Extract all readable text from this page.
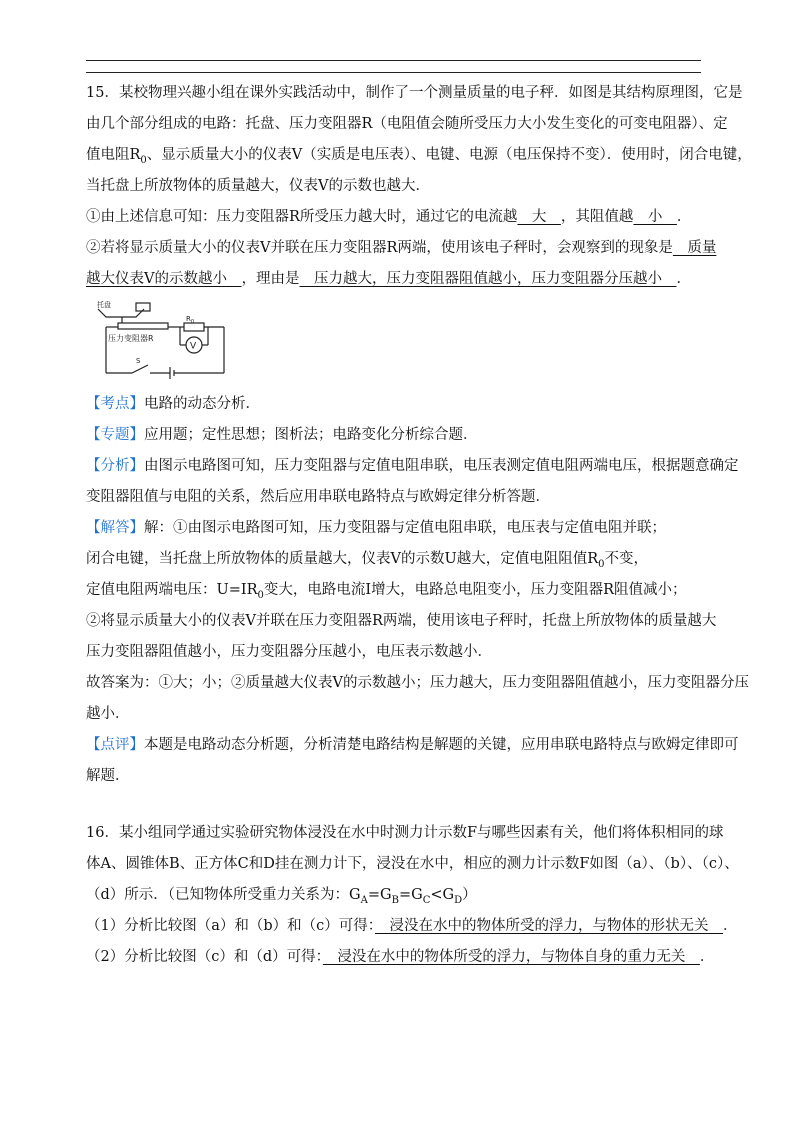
15．某校物理兴趣小组在课外实践活动中，制作了一个测量质量的电子秤．如图是其结构原理图，它是
由几个部分组成的电路：托盘、压力变阻器R（电阻值会随所受压力大小发生变化的可变电阻器）、定
值电阻$R_0$、显示质量大小的仪表V（实质是电压表）、电键、电源（电压保持不变）．使用时，闭合电键，
当托盘上所放物体的质量越大，仪表V的示数也越大．
①由上述信息可知：压力变阻器R所受压力越大时，通过它的电流越　大　，其阻值越　小　．
②若将显示质量大小的仪表V并联在压力变阻器R两端，使用该电子秤时，会观察到的现象是　质量
越大仪表V的示数越小　，理由是　压力越大，压力变阻器阻值越小，压力变阻器分压越小　．
托盘
压力变阻器R
$R_0$
V
S
【考点】电路的动态分析．
【专题】应用题；定性思想；图析法；电路变化分析综合题．
【分析】由图示电路图可知，压力变阻器与定值电阻串联，电压表测定值电阻两端电压，根据题意确定
变阻器阻值与电阻的关系，然后应用串联电路特点与欧姆定律分析答题．
【解答】解：①由图示电路图可知，压力变阻器与定值电阻串联，电压表与定值电阻并联；
闭合电键，当托盘上所放物体的质量越大，仪表V的示数U越大，定值电阻阻值$R_0$不变，
定值电阻两端电压：$U=IR_0$变大，电路电流I增大，电路总电阻变小，压力变阻器R阻值减小；
②将显示质量大小的仪表V并联在压力变阻器R两端，使用该电子秤时，托盘上所放物体的质量越大
压力变阻器阻值越小，压力变阻器分压越小，电压表示数越小．
故答案为：①大；小；②质量越大仪表V的示数越小；压力越大，压力变阻器阻值越小，压力变阻器分压
越小．
【点评】本题是电路动态分析题，分析清楚电路结构是解题的关键，应用串联电路特点与欧姆定律即可
解题．
16．某小组同学通过实验研究物体浸没在水中时测力计示数F与哪些因素有关，他们将体积相同的球
体A、圆锥体B、正方体C和D挂在测力计下，浸没在水中，相应的测力计示数F如图（a）、（b）、（c）、
（d）所示．（已知物体所受重力关系为：$G_A=G_B=G_C<G_D$）
（1）分析比较图（a）和（b）和（c）可得：　浸没在水中的物体所受的浮力，与物体的形状无关　．
（2）分析比较图（c）和（d）可得：　浸没在水中的物体所受的浮力，与物体自身的重力无关　．
